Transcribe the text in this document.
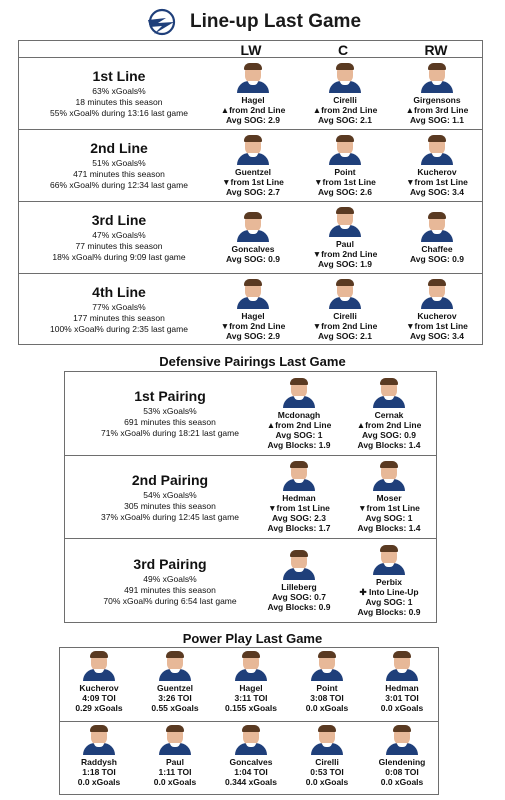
Line-up Last Game
LW	C	RW
1st Line
63% xGoals%
18 minutes this season
55% xGoal% during 13:16 last game
Hagel
▲from 2nd Line
Avg SOG: 2.9
Cirelli
▲from 2nd Line
Avg SOG: 2.1
Girgensons
▲from 3rd Line
Avg SOG: 1.1
2nd Line
51% xGoals%
471 minutes this season
66% xGoal% during 12:34 last game
Guentzel
▼from 1st Line
Avg SOG: 2.7
Point
▼from 1st Line
Avg SOG: 2.6
Kucherov
▼from 1st Line
Avg SOG: 3.4
3rd Line
47% xGoals%
77 minutes this season
18% xGoal% during 9:09 last game
Goncalves
Avg SOG: 0.9
Paul
▼from 2nd Line
Avg SOG: 1.9
Chaffee
Avg SOG: 0.9
4th Line
77% xGoals%
177 minutes this season
100% xGoal% during 2:35 last game
Hagel
▼from 2nd Line
Avg SOG: 2.9
Cirelli
▼from 2nd Line
Avg SOG: 2.1
Kucherov
▼from 1st Line
Avg SOG: 3.4
Defensive Pairings Last Game
1st Pairing
53% xGoals%
691 minutes this season
71% xGoal% during 18:21 last game
Mcdonagh
▲from 2nd Line
Avg SOG: 1
Avg Blocks: 1.9
Cernak
▲from 2nd Line
Avg SOG: 0.9
Avg Blocks: 1.4
2nd Pairing
54% xGoals%
305 minutes this season
37% xGoal% during 12:45 last game
Hedman
▼from 1st Line
Avg SOG: 2.3
Avg Blocks: 1.7
Moser
▼from 1st Line
Avg SOG: 1
Avg Blocks: 1.4
3rd Pairing
49% xGoals%
491 minutes this season
70% xGoal% during 6:54 last game
Lilleberg
Avg SOG: 0.7
Avg Blocks: 0.9
Perbix
✚ Into Line-Up
Avg SOG: 1
Avg Blocks: 0.9
Power Play Last Game
Kucherov
4:09 TOI
0.29 xGoals
Guentzel
3:26 TOI
0.55 xGoals
Hagel
3:11 TOI
0.155 xGoals
Point
3:08 TOI
0.0 xGoals
Hedman
3:01 TOI
0.0 xGoals
Raddysh
1:18 TOI
0.0 xGoals
Paul
1:11 TOI
0.0 xGoals
Goncalves
1:04 TOI
0.344 xGoals
Cirelli
0:53 TOI
0.0 xGoals
Glendening
0:08 TOI
0.0 xGoals
